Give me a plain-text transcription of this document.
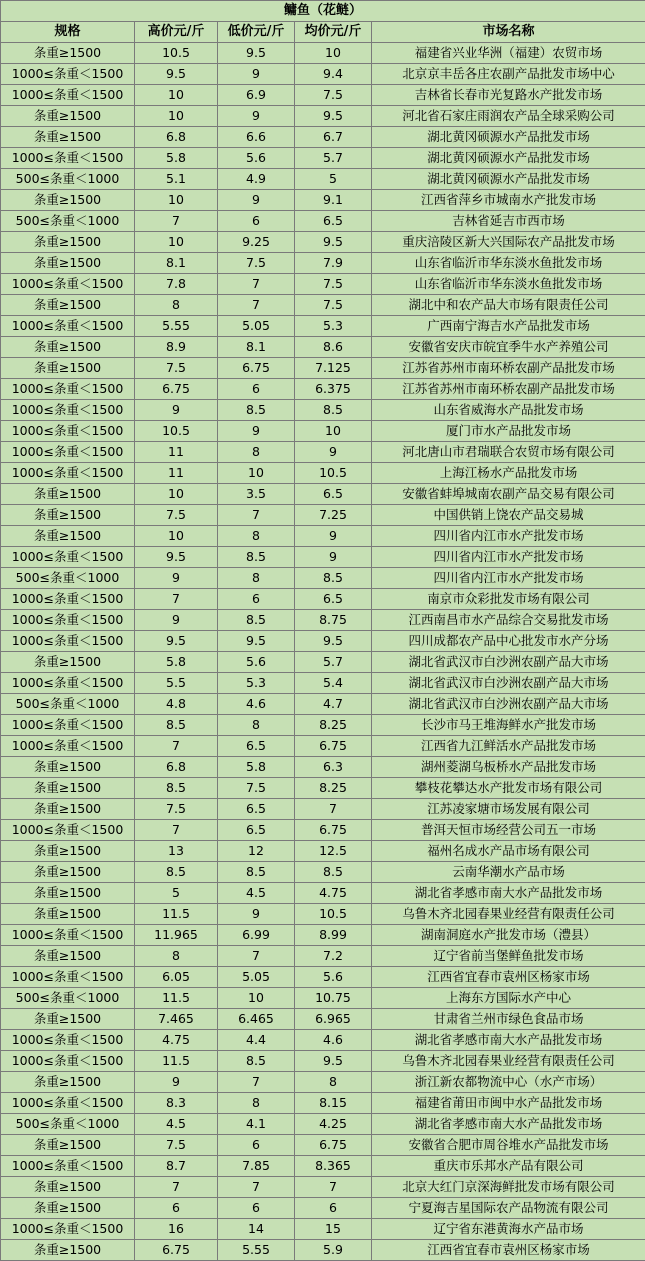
鳙鱼（花鲢）				
规格	高价元/斤	低价元/斤	均价元/斤	市场名称
条重≥1500	10.5	9.5	10	福建省兴业华洲（福建）农贸市场
1000≤条重＜1500	9.5	9	9.4	北京京丰岳各庄农副产品批发市场中心
1000≤条重＜1500	10	6.9	7.5	吉林省长春市光复路水产批发市场
条重≥1500	10	9	9.5	河北省石家庄雨润农产品全球采购公司
条重≥1500	6.8	6.6	6.7	湖北黄冈硕源水产品批发市场
1000≤条重＜1500	5.8	5.6	5.7	湖北黄冈硕源水产品批发市场
500≤条重＜1000	5.1	4.9	5	湖北黄冈硕源水产品批发市场
条重≥1500	10	9	9.1	江西省萍乡市城南水产批发市场
500≤条重＜1000	7	6	6.5	吉林省延吉市西市场
条重≥1500	10	9.25	9.5	重庆涪陵区新大兴国际农产品批发市场
条重≥1500	8.1	7.5	7.9	山东省临沂市华东淡水鱼批发市场
1000≤条重＜1500	7.8	7	7.5	山东省临沂市华东淡水鱼批发市场
条重≥1500	8	7	7.5	湖北中和农产品大市场有限责任公司
1000≤条重＜1500	5.55	5.05	5.3	广西南宁海吉水产品批发市场
条重≥1500	8.9	8.1	8.6	安徽省安庆市皖宜季牛水产养殖公司
条重≥1500	7.5	6.75	7.125	江苏省苏州市南环桥农副产品批发市场
1000≤条重＜1500	6.75	6	6.375	江苏省苏州市南环桥农副产品批发市场
1000≤条重＜1500	9	8.5	8.5	山东省威海水产品批发市场
1000≤条重＜1500	10.5	9	10	厦门市水产品批发市场
1000≤条重＜1500	11	8	9	河北唐山市君瑞联合农贸市场有限公司
1000≤条重＜1500	11	10	10.5	上海江杨水产品批发市场
条重≥1500	10	3.5	6.5	安徽省蚌埠城南农副产品交易有限公司
条重≥1500	7.5	7	7.25	中国供销上饶农产品交易城
条重≥1500	10	8	9	四川省内江市水产批发市场
1000≤条重＜1500	9.5	8.5	9	四川省内江市水产批发市场
500≤条重＜1000	9	8	8.5	四川省内江市水产批发市场
1000≤条重＜1500	7	6	6.5	南京市众彩批发市场有限公司
1000≤条重＜1500	9	8.5	8.75	江西南昌市水产品综合交易批发市场
1000≤条重＜1500	9.5	9.5	9.5	四川成都农产品中心批发市水产分场
条重≥1500	5.8	5.6	5.7	湖北省武汉市白沙洲农副产品大市场
1000≤条重＜1500	5.5	5.3	5.4	湖北省武汉市白沙洲农副产品大市场
500≤条重＜1000	4.8	4.6	4.7	湖北省武汉市白沙洲农副产品大市场
1000≤条重＜1500	8.5	8	8.25	长沙市马王堆海鲜水产批发市场
1000≤条重＜1500	7	6.5	6.75	江西省九江鲜活水产品批发市场
条重≥1500	6.8	5.8	6.3	湖州菱湖乌板桥水产品批发市场
条重≥1500	8.5	7.5	8.25	攀枝花攀达水产批发市场有限公司
条重≥1500	7.5	6.5	7	江苏凌家塘市场发展有限公司
1000≤条重＜1500	7	6.5	6.75	普洱天恒市场经营公司五一市场
条重≥1500	13	12	12.5	福州名成水产品市场有限公司
条重≥1500	8.5	8.5	8.5	云南华潮水产品市场
条重≥1500	5	4.5	4.75	湖北省孝感市南大水产品批发市场
条重≥1500	11.5	9	10.5	乌鲁木齐北园春果业经营有限责任公司
1000≤条重＜1500	11.965	6.99	8.99	湖南洞庭水产批发市场（澧县）
条重≥1500	8	7	7.2	辽宁省前当堡鲜鱼批发市场
1000≤条重＜1500	6.05	5.05	5.6	江西省宜春市袁州区杨家市场
500≤条重＜1000	11.5	10	10.75	上海东方国际水产中心
条重≥1500	7.465	6.465	6.965	甘肃省兰州市绿色食品市场
1000≤条重＜1500	4.75	4.4	4.6	湖北省孝感市南大水产品批发市场
1000≤条重＜1500	11.5	8.5	9.5	乌鲁木齐北园春果业经营有限责任公司
条重≥1500	9	7	8	浙江新农都物流中心（水产市场）
1000≤条重＜1500	8.3	8	8.15	福建省莆田市闽中水产品批发市场
500≤条重＜1000	4.5	4.1	4.25	湖北省孝感市南大水产品批发市场
条重≥1500	7.5	6	6.75	安徽省合肥市周谷堆水产品批发市场
1000≤条重＜1500	8.7	7.85	8.365	重庆市乐邦水产品有限公司
条重≥1500	7	7	7	北京大红门京深海鲜批发市场有限公司
条重≥1500	6	6	6	宁夏海吉星国际农产品物流有限公司
1000≤条重＜1500	16	14	15	辽宁省东港黄海水产品市场
条重≥1500	6.75	5.55	5.9	江西省宜春市袁州区杨家市场
